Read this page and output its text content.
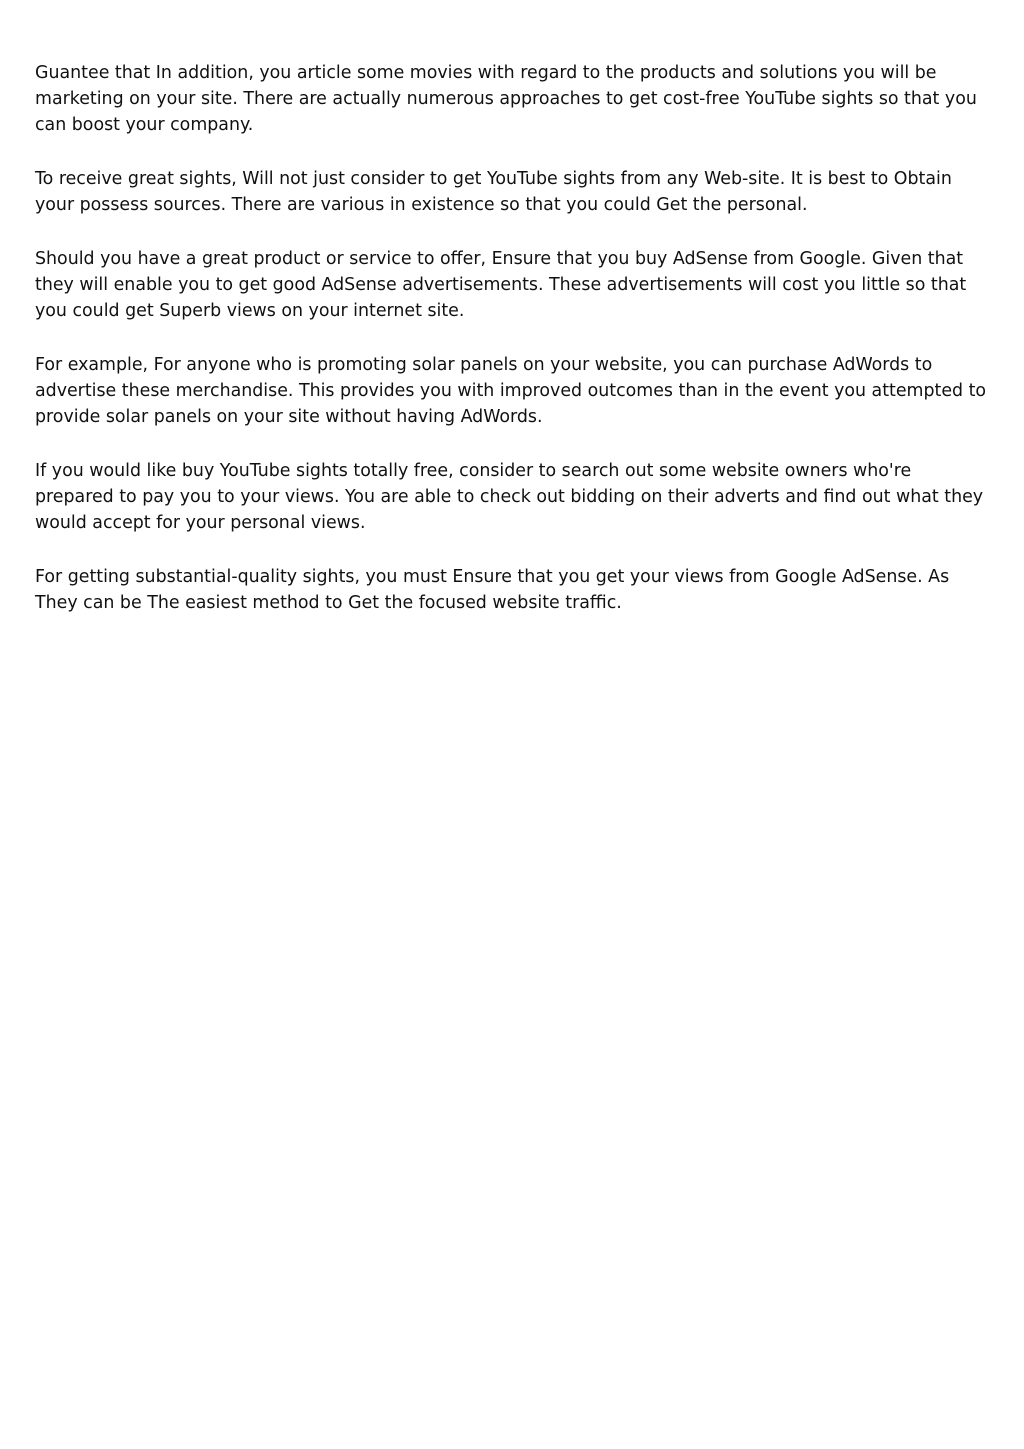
Guantee that In addition, you article some movies with regard to the products and solutions you will be marketing on your site. There are actually numerous approaches to get cost-free YouTube sights so that you can boost your company.

To receive great sights, Will not just consider to get YouTube sights from any Web-site. It is best to Obtain your possess sources. There are various in existence so that you could Get the personal.

Should you have a great product or service to offer, Ensure that you buy AdSense from Google. Given that they will enable you to get good AdSense advertisements. These advertisements will cost you little so that you could get Superb views on your internet site.

For example, For anyone who is promoting solar panels on your website, you can purchase AdWords to advertise these merchandise. This provides you with improved outcomes than in the event you attempted to provide solar panels on your site without having AdWords.

If you would like buy YouTube sights totally free, consider to search out some website owners who're prepared to pay you to your views. You are able to check out bidding on their adverts and find out what they would accept for your personal views.

For getting substantial-quality sights, you must Ensure that you get your views from Google AdSense. As They can be The easiest method to Get the focused website traffic.
